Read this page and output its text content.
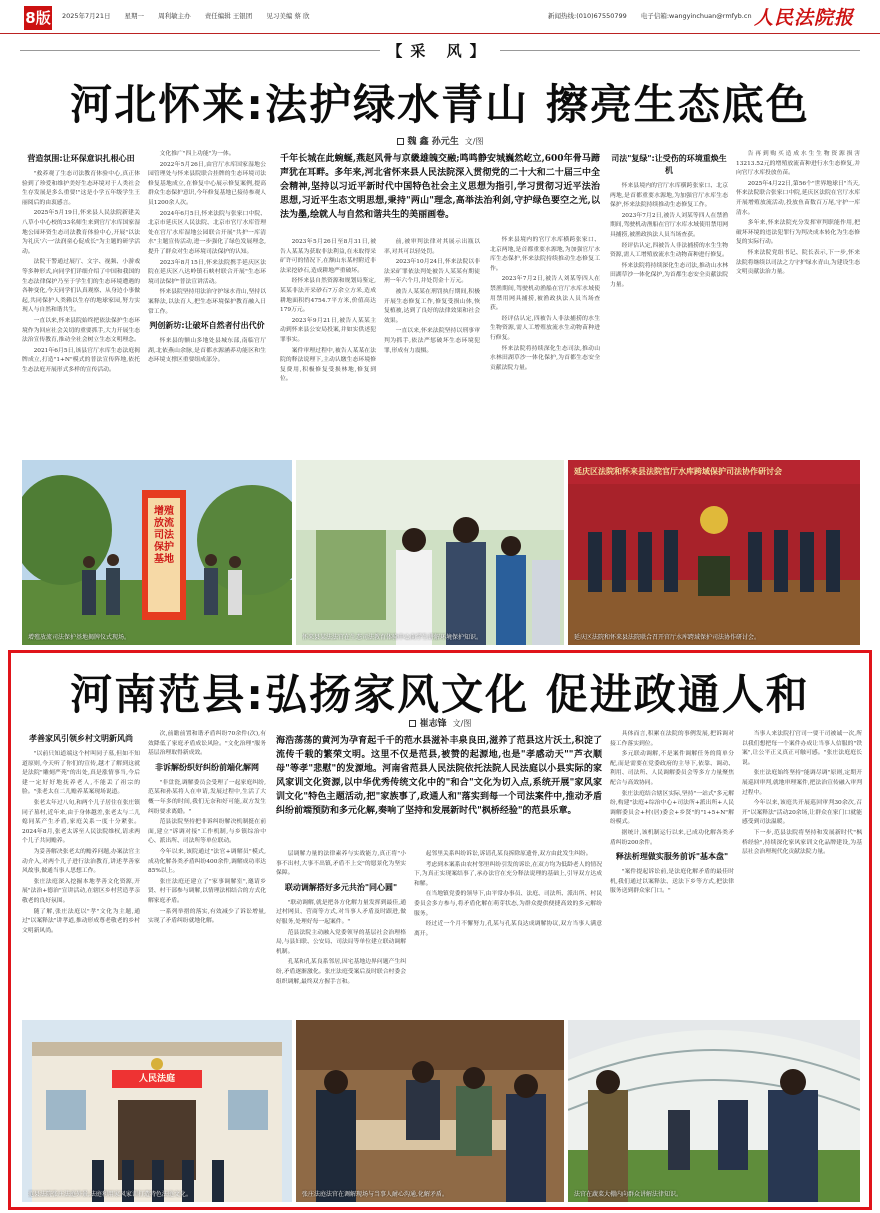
8版 2025年7月21日 星期一 周利敏主办 责任编辑 王银团 见习美编 蔡 欣	新闻热线:(010)67550799 电子信箱:wangyinchuan@rmfyb.cn 人民法院报
【采 风】
河北怀来:法护绿水青山 擦亮生态底色
魏 鑫 孙元生 文/图
营造氛围:让环保意识扎根心田

"救养观了生态司法教育体验中心,真正体验到了珍爱和维护美好生态环境对于人类社会生存发展是多么重要!"这是小学五年级学生王丽阅后的由衷感言。

2025年5月19日,怀来县人民法院新建关八草小中心校的33名师生来到官厅水库国家湿地公园环资生态司法教育体验中心,开展"以法为礼庆'六一'法润童心促成长"为主题的研学活动。

法院干警通过展厅、文字、视频、小游戏等多种形式,向同学们详细介绍了中国和我国的生态法律保护乃至于学生们的生态环境遭遇的各种变化,今天同学们认真观察、从身边小事做起,共同保护人类赖以生存的地球家园,努力实现人与自然和谐共生。

一直以来,怀来县院始终把依法保护生态环境作为回应社会关切的重要抓手,大力开展生态法治宣传教育,推动全社会树立生态文明理念。

2021年6月5日,该县官厅水库生态法庭揭牌成立,打造"1+N"模式的普法宣传阵地,依托生态法庭开展形式多样的宣传活动。

文化推广"四上功能"为一体。

2022年5月26日,由官厅水库国家湿地公园管理处与怀来县院联合挂牌的生态环境司法修复基地成立,在修复中心展示修复案例,提高群众生态保护意识,今年修复基地已接待参观人员1200余人次。

2024年6月5日,怀来法院与张家口中院、北京市延庆区人民法院、北京市官厅水库管理处在官厅水库湿地公园联合开展"共护一库清水"主题宣传活动,进一步强化了绿色发展理念,提升了群众对生态环境司法保护的认知。

2023年8月15日,怀来法院携手延庆区法院在延庆区八达岭镇石峡村联合开展"生态环境司法保护"普法宣讲活动。

怀来县院坚持用法治守护绿水青山,坚持以案释法,以法育人,把生态环境保护教育融入日常工作。

判创新坊:让破坏自然者付出代价

怀来县的额山多地处县城东部,南临官厅湖,北依燕山余脉,是首都水源涵养功能区和生态环境支撑区重要组成部分。

千年长城在此蜿蜒,燕赵风骨与京畿雄魄交融;鸣鸣静安城巍然屹立,600年骨马蹄声犹在耳畔。多年来,河北省怀来县人民法院深入贯彻党的二十大和二十届三中全会精神,坚持以习近平新时代中国特色社会主义思想为指引,学习贯彻习近平法治思想,习近平生态文明思想,秉持"两山"理念,高举法治利剑,守护绿色要空之光,以法为墨,绘就人与自然和谐共生的美丽画卷。

2023年5月26日至8月31日,被告人某某为获取非法利益,在未取得采矿许可的情况下,在额山东某村附近非法采挖砂石,造成耕地严重破坏。

经怀来县自然资源和规划局鉴定,某某非法开采砂石7万余立方米,造成耕地面积约4754.7平方米,价值高达179万元。

2023年9月21日,被告人某某主动到怀来县公安局投案,并如实供述犯罪事实。

案件审理过程中,被告人某某在法院的释法说理下,主动认缴生态环境修复费用,积极修复受损林地,修复到位。

前,被审判法律对其展示出瓶以率,对其可以轻处罚。

2023年10月24日,怀来法院以非法采矿罪依法判处被告人某某有期徒刑一年六个月,并处罚金十万元。

被告人某某在刑罚执行期间,积极开展生态修复工作,修复受损山体,恢复植被,达到了良好的法律效果和社会效果。

一直以来,怀来法院坚持以刑事审判为抓手,依法严惩破坏生态环境犯罪,形成有力震慑。

怀来县境内的官厅水库横跨张家口、北京两地,是首都重要水源地,为加强官厅水库生态保护,怀来法院持续推动生态修复工作。

2023年7月2日,被告人刘某等四人在禁渔期间,驾驶机动渔船在官厅水库水域使用禁用网具捕捞,被渔政执法人员当场查获。

经评估认定,四被告人非法捕捞的水生生物资源,需人工增殖放流水生动物苗种进行修复。

怀来法院将持续深化生态司法,推动山水林田湖草沙一体化保护,为首都生态安全贡献法院力量。

司法"复绿":让受伤的环境重焕生机

怀来县境内的官厅水库横跨张家口、北京两地,是首都重要水源地,为加强官厅水库生态保护,怀来法院持续推动生态修复工作。

2023年7月2日,被告人刘某等四人在禁渔期间,驾驶机动渔船在官厅水库水域使用禁用网具捕捞,被渔政执法人员当场查获。

经评估认定,四被告人非法捕捞的水生生物资源,需人工增殖放流水生动物苗种进行修复。

怀来法院将持续深化生态司法,推动山水林田湖草沙一体化保护,为首都生态安全贡献法院力量。

告再到购买造成水生生物资源损害13213.52元的增殖放流苗种进行水生态修复,并向官厅水库投放鱼苗。

2025年4月22日,第56个"世界地球日"当天,怀来法院联合张家口中院,延庆区法院在官厅水库开展增殖放流活动,投放鱼苗数百万尾,守护一库清水。

多年来,怀来法院充分发挥审判职能作用,把破坏环境的违法犯罪行为判决成本转化为生态修复的实际行动。

怀来法院党组书记、院长表示,下一步,怀来法院将继续以司法之力守护绿水青山,为建设生态文明贡献法治力量。

增殖放流司法保护基地
增殖放流司法保护基地揭牌仪式现场。	怀来县某法法官在生态司法教育体验中心向学生讲解环境保护知识。
延庆区法院和怀来县法院官厅水库跨域保护司法协作研讨会
延庆区法院和怀来县法院联合召开官厅水库跨域保护司法协作研讨会。
河南范县:弘扬家风文化 促进政通人和
崔志锋 文/图
孝善家风引领乡村文明新风尚

"以前只知道端这个村叫同子墓,但如不知道原则,今天听了你们的宣传,越才了解到这就是法院"雕刻严苑"的出处,真是涨情事当,今后建一定好好地抚养老人,不能丢了祖宗的脸。"张老太在二儿赡养某案现场说道。

张老太年过八旬,和两个儿子居住在张庄镇同子墓村,近年来,由于身体越差,张老太与二儿媳同某产生矛盾,家庭关系一度十分紧张。2024年8月,张老太诉至人民法院维权,请求两个儿子共同赡养。

为妥善解决张老太的赡养问题,办案法官主动介入,对两个儿子进行法治教育,讲述孝善家风故事,做通当事人思想工作。

张庄法庭深入挖掘本地孝善文化资源,开展"法治+德治"宣讲活动,在辖区乡村营造孝亲敬老的良好氛围。

随了解,张庄法庭以"孝"文化为主题,通过"以案释法"讲孝道,推动形成尊老敬老的乡村文明新风尚。

次,前瞻前置和谐矛盾纠纷70余件(次),有效降低了家庭矛盾成讼风险。"文化治理"服务基层治理取得新成效。

非诉解纷织好纠纷前端化解网

"非盘瓷,调解委员会受理了一起家庭纠纷,范某和孙某将人在申请,发展过程中,生活了大概一年多的时间,我们无奈和好可能,双方发生纠纷要求离婚。"

范县法院坚持把非诉纠纷解决机制挺在前面,建立"诉调对接"工作机制,与乡镇综治中心、派出所、司法所等单位联动。

今年以来,该院通过"法官+调解员"模式,成功化解各类矛盾纠纷400余件,调解成功率达85%以上。

张庄法庭还建立了"家事调解室",邀请乡贤、村干部参与调解,以情理法相结合的方式化解家庭矛盾。

一系列举措的落实,有效减少了诉讼增量,实现了矛盾纠纷就地化解。

海浩荡荡的黄河为孕育起千千的范水县滋补丰泉良田,滋养了范县这片沃土,积淀了流传千载的繁荣文明。这里不仅是范县,被赞的起源地,也是"孝感动天""芦衣顺母"等孝"悲慰"的发源地。河南省范县人民法院依托法院人民法庭以小县实际的家风家训文化资源,以中华优秀传统文化中的"和合"文化为切入点,系统开展"家风家训文化"特色主题活动,把"家族事了,政通人和"落实到每一个司法案件中,推动矛盾纠纷前端预防和多元化解,奏响了坚持和发展新时代"枫桥经验"的范县乐章。

层调解力量的法律素养与实战能力,真正将"小事不出村,大事不出镇,矛盾不上交"的愿景化为坚实保障。

联动调解搭好多元共治"同心圆"

"联动调解,就是把各方化解力量发挥到最佳,通过村网员、营商等方式,对当事人矛盾及时跟进,做好服务,处理好每一起案件。"

范县法院主动融入党委领导的基层社会治理格局,与县妇联、公安局、司法局等单位建立联动调解机制。

孔某和孔某良系邻居,因宅基地边界问题产生纠纷,矛盾逐渐激化。张庄法庭受案后及时联合村委会组织调解,最终双方握手言和。

起邻里关系纠纷诉讼,诉请孔某良拆除原遗骨,双方由此发生纠纷。

考虑到本案系由农村邻里纠纷引发的诉讼,在双方均为低龄老人的情况下,为真正实现案结事了,承办法官在充分释法说理的基础上,引导双方达成和解。

在当地镇党委的领导下,由平常办事员、法庭、司法所、派出所、村民委员会多方参与,将矛盾化解在萌芽状态,为群众提供便捷高效的多元解纷服务。

经过近一个月不懈努力,孔某与孔某良达成调解协议,双方当事人满意离开。

具体而言,积累在法院的事例发展,把诉调对接工作落实到位。

多元联动调解,不是案件调解任务的简单分配,而是需要在党委政府的主导下,依靠、调动、利用、司法所、人民调解委员会等多方力量聚焦配合与高效协同。

张庄法庭结合辖区实际,坚持"一站式"多元解纷,构建"法庭+综治中心+司法所+派出所+人民调解委员会+村(居)委会+乡贤"的"1+5+N"解纷模式。

据统计,该机制运行以来,已成功化解各类矛盾纠纷200余件。

释法析理做实服务前诉"基本盘"

"案件提起诉讼前,是法庭化解矛盾的最佳时机,我们通过以案释法、送法下乡等方式,把法律服务送到群众家门口。"

当事人来法院打官司一要干司被诚一次,所以我们想把每一个案件办成让当事人信服的"铁案",让公平正义真正可触可感。"张庄法庭庭长说。

张庄法庭始终坚持"能调尽调"原则,定期开展巡回审判,就地审理案件,把法治宣传融入审判过程中。

今年以来,该庭共开展巡回审判30余次,召开"以案释法"活动20余场,让群众在家门口就能感受到司法温暖。

下一步,范县法院将坚持和发展新时代"枫桥经验",持续深化家风家训文化品牌建设,为基层社会治理现代化贡献法院力量。

人民法庭
范县法院张庄法庭外景,法庭利用家风家训打造特色法庭文化。	张庄法庭法官在调解现场与当事人耐心沟通,化解矛盾。	法官在蔬菜大棚内向群众讲解法律知识。
